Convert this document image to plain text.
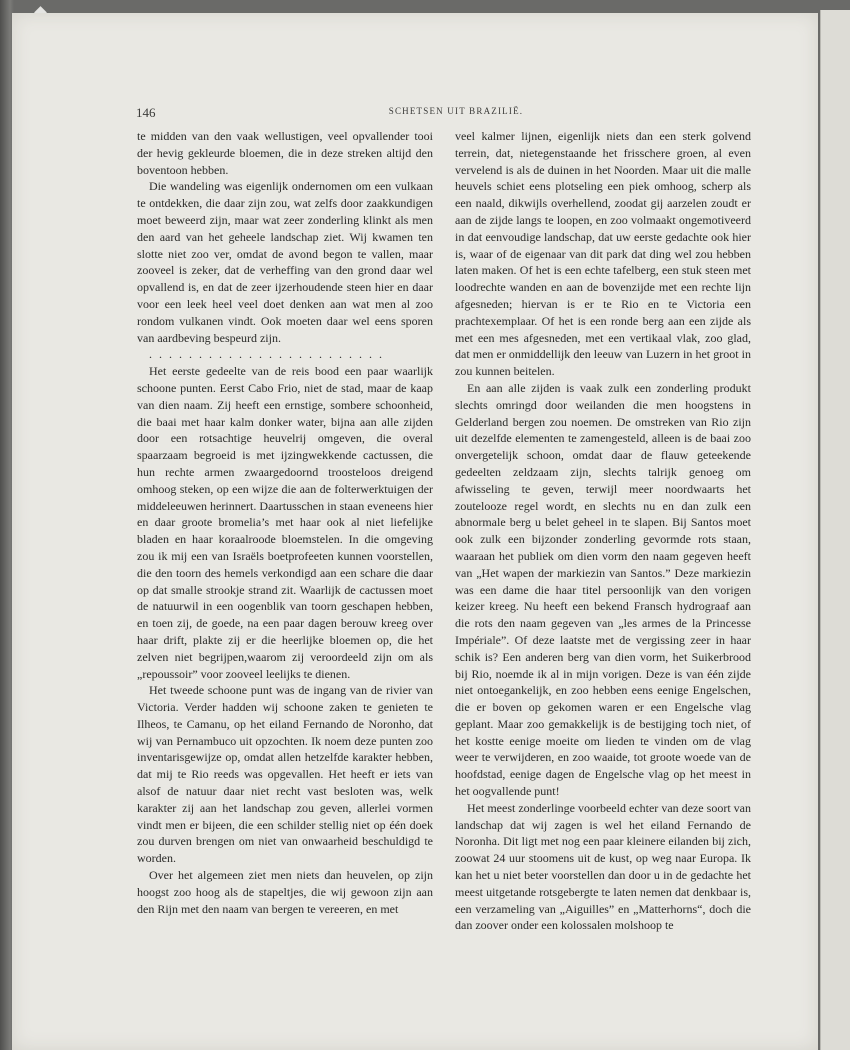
146	SCHETSEN UIT BRAZILIË.

te midden van den vaak wellustigen, veel opvallender tooi der hevig gekleurde bloemen, die in deze streken altijd den boventoon hebben.

Die wandeling was eigenlijk ondernomen om een vulkaan te ontdekken, die daar zijn zou, wat zelfs door zaakkundigen moet beweerd zijn, maar wat zeer zonderling klinkt als men den aard van het geheele landschap ziet. Wij kwamen ten slotte niet zoo ver, omdat de avond begon te vallen, maar zooveel is zeker, dat de verheffing van den grond daar wel opvallend is, en dat de zeer ijzerhoudende steen hier en daar voor een leek heel veel doet denken aan wat men al zoo rondom vulkanen vindt. Ook moeten daar wel eens sporen van aardbeving bespeurd zijn.

. . . . . . . . . . . . . . . . . . . . . . . .

Het eerste gedeelte van de reis bood een paar waarlijk schoone punten. Eerst Cabo Frio, niet de stad, maar de kaap van dien naam. Zij heeft een ernstige, sombere schoonheid, die baai met haar kalm donker water, bijna aan alle zijden door een rotsachtige heuvelrij omgeven, die overal spaarzaam begroeid is met ijzingwekkende cactussen, die hun rechte armen zwaargedoornd troosteloos dreigend omhoog steken, op een wijze die aan de folterwerktuigen der middeleeuwen herinnert. Daartusschen in staan eveneens hier en daar groote bromelia’s met haar ook al niet liefelijke bladen en haar koraalroode bloemstelen. In die omgeving zou ik mij een van Israëls boetprofeeten kunnen voorstellen, die den toorn des hemels verkondigd aan een schare die daar op dat smalle strookje strand zit. Waarlijk de cactussen moet de natuurwil in een oogenblik van toorn geschapen hebben, en toen zij, de goede, na een paar dagen berouw kreeg over haar drift, plakte zij er die heerlijke bloemen op, die het zelven niet begrijpen,waarom zij veroordeeld zijn om als „repoussoir” voor zooveel leelijks te dienen.

Het tweede schoone punt was de ingang van de rivier van Victoria. Verder hadden wij schoone zaken te genieten te Ilheos, te Camanu, op het eiland Fernando de Noronho, dat wij van Pernambuco uit opzochten. Ik noem deze punten zoo inventarisgewijze op, omdat allen hetzelfde karakter hebben, dat mij te Rio reeds was opgevallen. Het heeft er iets van alsof de natuur daar niet recht vast besloten was, welk karakter zij aan het landschap zou geven, allerlei vormen vindt men er bijeen, die een schilder stellig niet op één doek zou durven brengen om niet van onwaarheid beschuldigd te worden.

Over het algemeen ziet men niets dan heuvelen, op zijn hoogst zoo hoog als de stapeltjes, die wij gewoon zijn aan den Rijn met den naam van bergen te vereeren, en met

veel kalmer lijnen, eigenlijk niets dan een sterk golvend terrein, dat, nietegenstaande het frisschere groen, al even vervelend is als de duinen in het Noorden. Maar uit die malle heuvels schiet eens plotseling een piek omhoog, scherp als een naald, dikwijls overhellend, zoodat gij aarzelen zoudt er aan de zijde langs te loopen, en zoo volmaakt ongemotiveerd in dat eenvoudige landschap, dat uw eerste gedachte ook hier is, waar of de eigenaar van dit park dat ding wel zou hebben laten maken. Of het is een echte tafelberg, een stuk steen met loodrechte wanden en aan de bovenzijde met een rechte lijn afgesneden; hiervan is er te Rio en te Victoria een prachtexemplaar. Of het is een ronde berg aan een zijde als met een mes afgesneden, met een vertikaal vlak, zoo glad, dat men er onmiddellijk den leeuw van Luzern in het groot in zou kunnen beitelen.

En aan alle zijden is vaak zulk een zonderling produkt slechts omringd door weilanden die men hoogstens in Gelderland bergen zou noemen. De omstreken van Rio zijn uit dezelfde elementen te zamengesteld, alleen is de baai zoo onvergetelijk schoon, omdat daar de flauw geteekende gedeelten zeldzaam zijn, slechts talrijk genoeg om afwisseling te geven, terwijl meer noordwaarts het zoutelooze regel wordt, en slechts nu en dan zulk een abnormale berg u belet geheel in te slapen. Bij Santos moet ook zulk een bijzonder zonderling gevormde rots staan, waaraan het publiek om dien vorm den naam gegeven heeft van „Het wapen der markiezin van Santos.” Deze markiezin was een dame die haar titel persoonlijk van den vorigen keizer kreeg. Nu heeft een bekend Fransch hydrograaf aan die rots den naam gegeven van „les armes de la Princesse Impériale”. Of deze laatste met de vergissing zeer in haar schik is? Een anderen berg van dien vorm, het Suikerbrood bij Rio, noemde ik al in mijn vorigen. Deze is van één zijde niet ontoegankelijk, en zoo hebben eens eenige Engelschen, die er boven op gekomen waren er een Engelsche vlag geplant. Maar zoo gemakkelijk is de bestijging toch niet, of het kostte eenige moeite om lieden te vinden om de vlag weer te verwijderen, en zoo waaide, tot groote woede van de hoofdstad, eenige dagen de Engelsche vlag op het meest in het oogvallende punt!

Het meest zonderlinge voorbeeld echter van deze soort van landschap dat wij zagen is wel het eiland Fernando de Noronha. Dit ligt met nog een paar kleinere eilanden bij zich, zoowat 24 uur stoomens uit de kust, op weg naar Europa. Ik kan het u niet beter voorstellen dan door u in de gedachte het meest uitgetande rotsgebergte te laten nemen dat denkbaar is, een verzameling van „Aiguilles” en „Matterhorns“, doch die dan zoover onder een kolossalen molshoop te
